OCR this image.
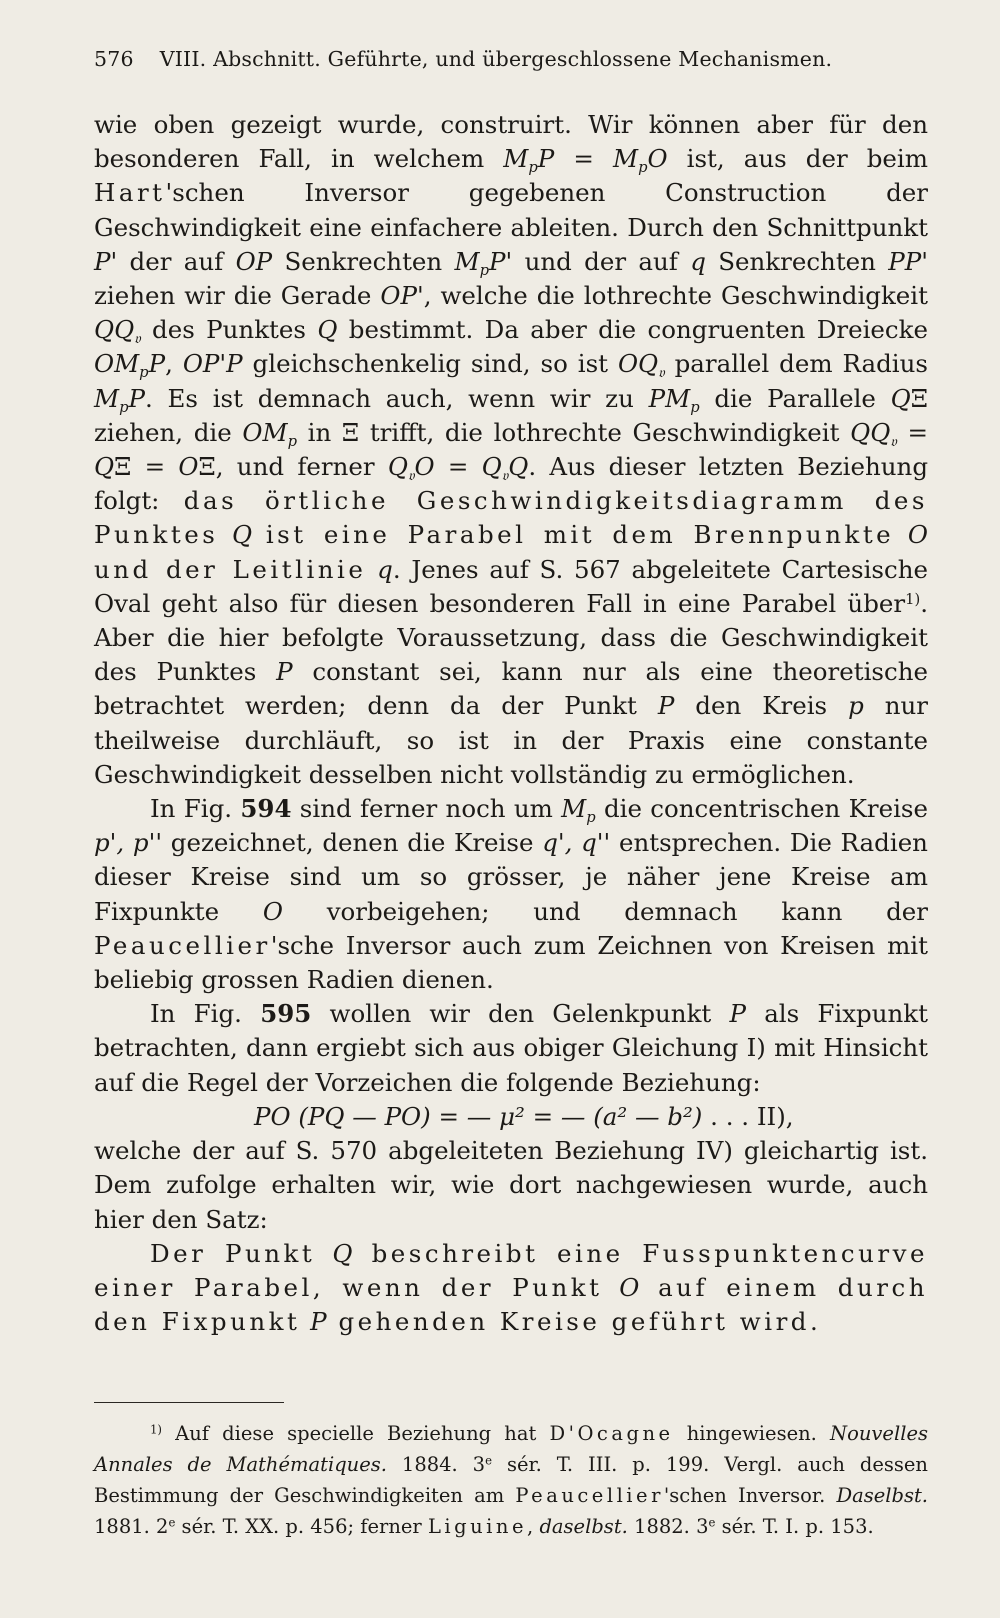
576 VIII. Abschnitt. Geführte, und übergeschlossene Mechanismen.

wie oben gezeigt wurde, construirt. Wir können aber für den besonderen Fall, in welchem $M_pP = M_pO$ ist, aus der beim Hart'schen Inversor gegebenen Construction der Geschwindigkeit eine einfachere ableiten. Durch den Schnittpunkt P' der auf OP Senkrechten $M_pP'$ und der auf q Senkrechten PP' ziehen wir die Gerade OP', welche die lothrechte Geschwindigkeit $QQ_𝔳$ des Punktes Q bestimmt. Da aber die congruenten Dreiecke $OM_pP$, OP'P gleichschenkelig sind, so ist $OQ_𝔳$ parallel dem Radius $M_pP$. Es ist demnach auch, wenn wir zu $PM_p$ die Parallele QΞ ziehen, die $OM_p$ in Ξ trifft, die lothrechte Geschwindigkeit $QQ_𝔳 = Q\Xi = O\Xi$, und ferner $Q_𝔳O = Q_𝔳Q$. Aus dieser letzten Beziehung folgt: das örtliche Geschwindigkeitsdiagramm des Punktes Q ist eine Parabel mit dem Brennpunkte O und der Leitlinie q. Jenes auf S. 567 abgeleitete Cartesische Oval geht also für diesen besonderen Fall in eine Parabel über$^{1)}$. Aber die hier befolgte Voraussetzung, dass die Geschwindigkeit des Punktes P constant sei, kann nur als eine theoretische betrachtet werden; denn da der Punkt P den Kreis p nur theilweise durchläuft, so ist in der Praxis eine constante Geschwindigkeit desselben nicht vollständig zu ermöglichen.

In Fig. 594 sind ferner noch um $M_p$ die concentrischen Kreise p', p'' gezeichnet, denen die Kreise q', q'' entsprechen. Die Radien dieser Kreise sind um so grösser, je näher jene Kreise am Fixpunkte O vorbeigehen; und demnach kann der Peaucellier'sche Inversor auch zum Zeichnen von Kreisen mit beliebig grossen Radien dienen.

In Fig. 595 wollen wir den Gelenkpunkt P als Fixpunkt betrachten, dann ergiebt sich aus obiger Gleichung I) mit Hinsicht auf die Regel der Vorzeichen die folgende Beziehung:

PO (PQ — PO) = — μ² = — (a² — b²) . . . II),

welche der auf S. 570 abgeleiteten Beziehung IV) gleichartig ist. Dem zufolge erhalten wir, wie dort nachgewiesen wurde, auch hier den Satz:

Der Punkt Q beschreibt eine Fusspunktencurve einer Parabel, wenn der Punkt O auf einem durch den Fixpunkt P gehenden Kreise geführt wird.

$^{1)}$ Auf diese specielle Beziehung hat D'Ocagne hingewiesen. Nouvelles Annales de Mathématiques. 1884. 3e sér. T. III. p. 199. Vergl. auch dessen Bestimmung der Geschwindigkeiten am Peaucellier'schen Inversor. Daselbst. 1881. 2e sér. T. XX. p. 456; ferner Liguine, daselbst. 1882. 3e sér. T. I. p. 153.
